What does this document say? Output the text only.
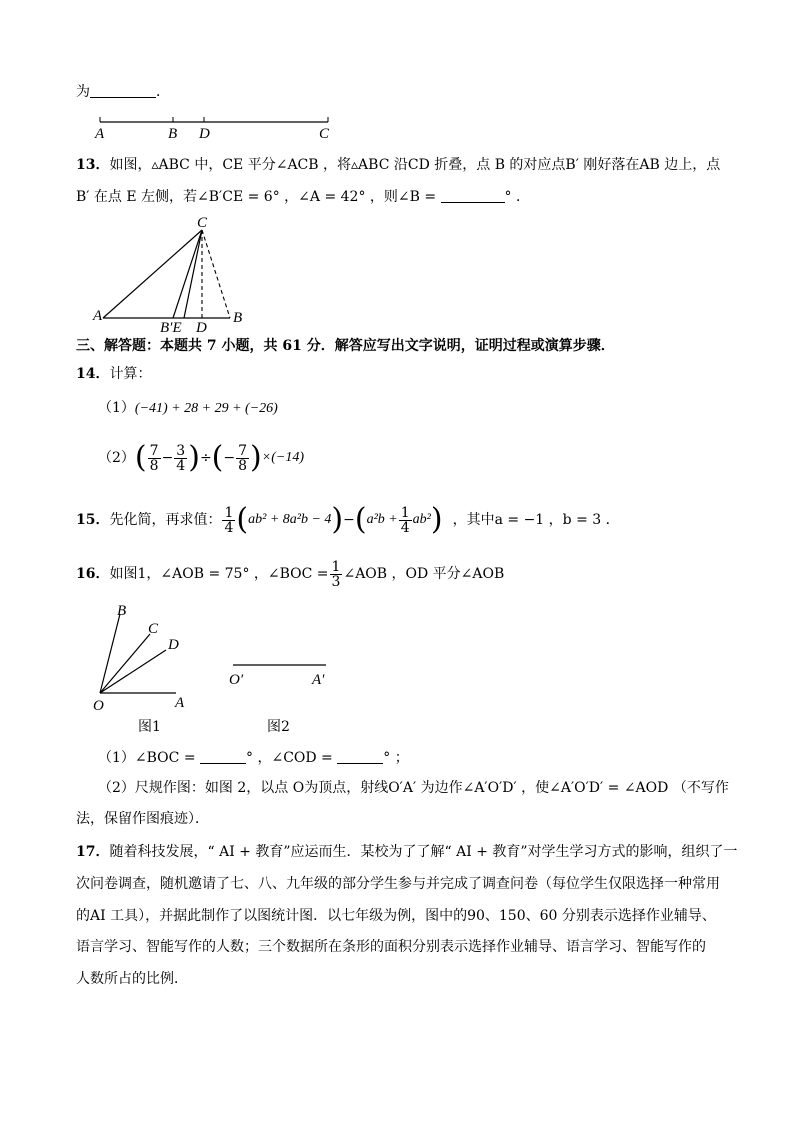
为	．
A	B D	C
13．如图，▵ABC 中，CE 平分∠ACB ，将▵ABC 沿CD 折叠，点 B 的对应点B′ 刚好落在AB 边上，点
B′ 在点 E 左侧，若∠B′CE = 6° ，∠A = 42° ，则∠B =	° ．
C
A
B′E D
B
三、解答题：本题共 7 小题，共 61 分．解答应写出文字说明，证明过程或演算步骤．
14．计算：
（1）(−41) + 28 + 29 + (−26)
$(2)( \frac{7}{8} - \frac{3}{4}$ )÷(− $\frac{7}{8} )\times(-14)$
15．先化简，再求值： $\frac{1}{4} (ab^2 + 8a^2b - 4)-(a^2b + \frac{1}{4} ab^2)$ ，其中a = −1 ，b = 3 ．
16．如图1，∠AOB = 75° ，∠BOC = $\frac{1}{3}$ ∠AOB ，OD 平分∠AOB
B
C
D
O	A
O′	A′
图1	图2
（1）∠BOC =	° ，∠COD =	° ；
（2）尺规作图：如图 2，以点 O为顶点，射线O′A′ 为边作∠A′O′D′ ，使∠A′O′D′ = ∠AOD （不写作
法，保留作图痕迹）．
17．随着科技发展，“ AI + 教育”应运而生．某校为了了解“ AI + 教育”对学生学习方式的影响，组织了一
次问卷调查，随机邀请了七、八、九年级的部分学生参与并完成了调查问卷（每位学生仅限选择一种常用
的AI 工具），并据此制作了以图统计图．以七年级为例，图中的90、150、60 分别表示选择作业辅导、
语言学习、智能写作的人数；三个数据所在条形的面积分别表示选择作业辅导、语言学习、智能写作的
人数所占的比例．
